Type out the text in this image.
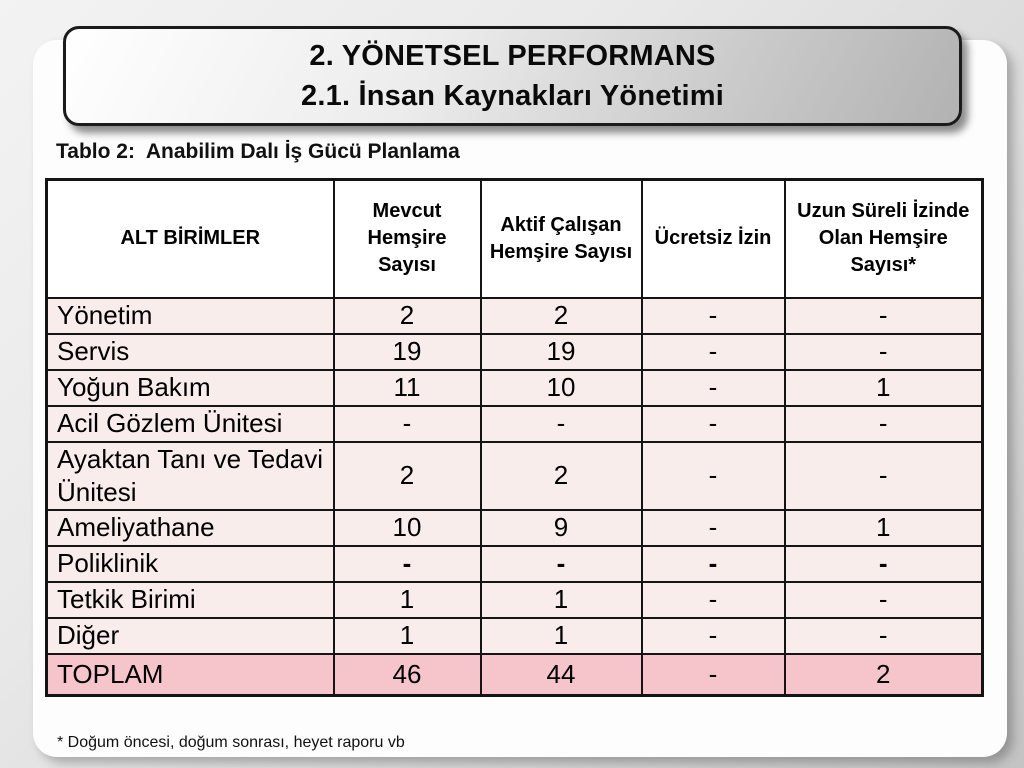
2. YÖNETSEL PERFORMANS
2.1. İnsan Kaynakları Yönetimi
Tablo 2:  Anabilim Dalı İş Gücü Planlama
ALT BİRİMLER	Mevcut Hemşire Sayısı	Aktif Çalışan Hemşire Sayısı	Ücretsiz İzin	Uzun Süreli İzinde Olan Hemşire Sayısı*
Yönetim	2	2	-	-
Servis	19	19	-	-
Yoğun Bakım	11	10	-	1
Acil Gözlem Ünitesi	-	-	-	-
Ayaktan Tanı ve Tedavi Ünitesi	2	2	-	-
Ameliyathane	10	9	-	1
Poliklinik	-	-	-	-
Tetkik Birimi	1	1	-	-
Diğer	1	1	-	-
TOPLAM	46	44	-	2
* Doğum öncesi, doğum sonrası, heyet raporu vb
